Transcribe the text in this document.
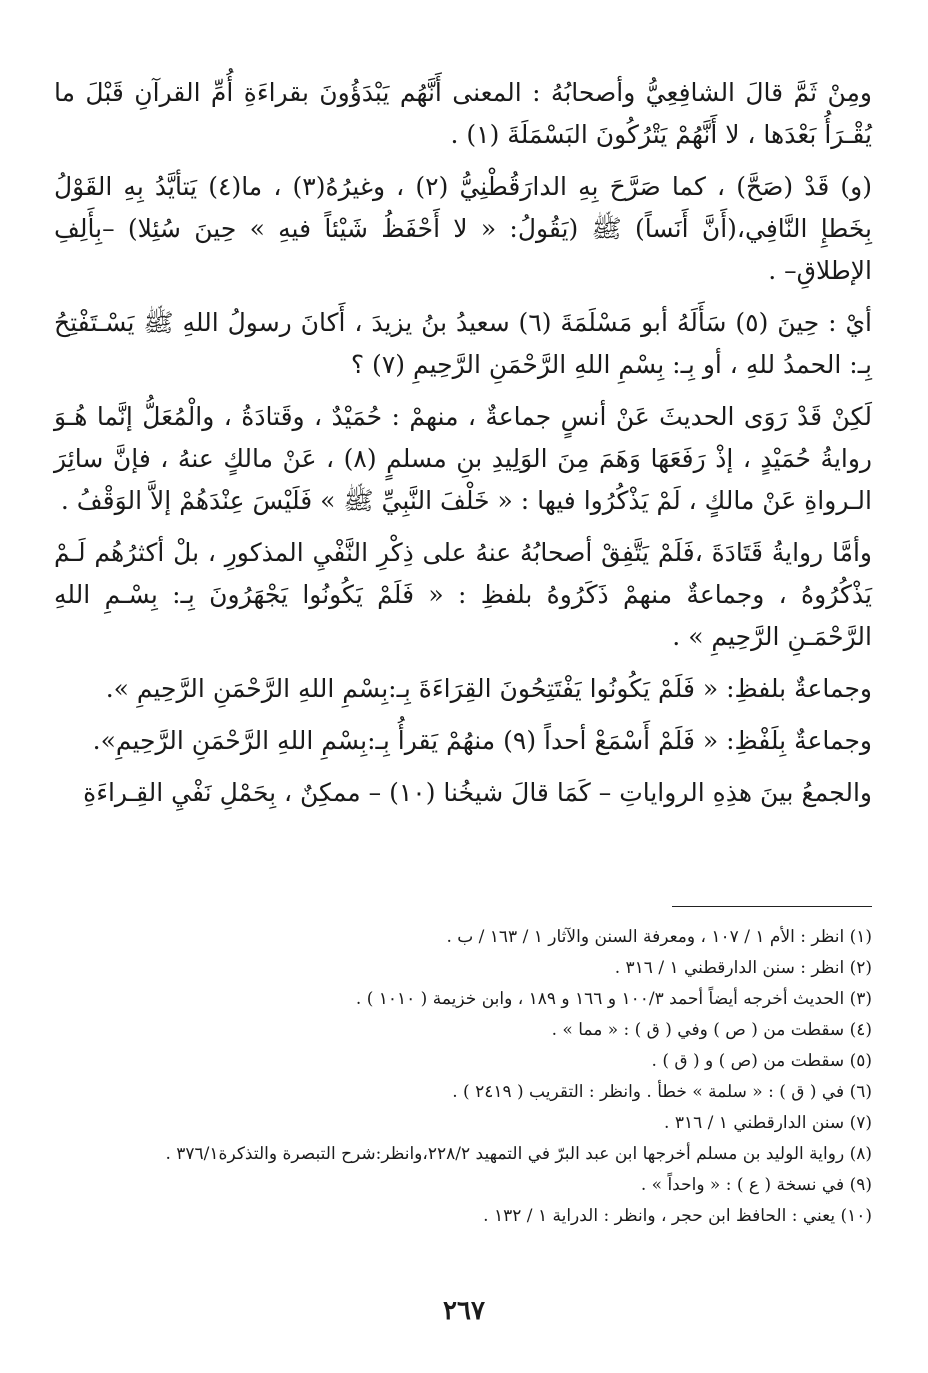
ومِنْ ثَمَّ قالَ الشافِعِيُّ وأصحابُهُ : المعنى أَنَّهُم يَبْدَؤُونَ بقراءَةِ أُمِّ القرآنِ قَبْلَ ما يُقْـرَأُ بَعْدَها ، لا أَنَّهُمْ يَتْرُكُونَ البَسْمَلَةَ (١) .

(و) قَدْ (صَحَّ) ، كما صَرَّحَ بِهِ الدارَقُطْنِيُّ (٢) ، وغيرُهُ(٣) ، ما(٤) يَتأيَّدُ بِهِ القَوْلُ بِخَطإِ النَّافِي،(أَنَّ أَنَساً) ﷺ (يَقُولُ: « لا أَحْفَظُ شَيْئاً فيهِ » حِينَ سُئِلا) –بِأَلِفِ الإطلاقِ– .

أيْ : حِينَ (٥) سَأَلَهُ أبو مَسْلَمَةَ (٦) سعيدُ بنُ يزيدَ ، أَكانَ رسولُ اللهِ ﷺ يَسْـتَفْتِحُ بِـ: الحمدُ للهِ ، أو بِـ: بِسْمِ اللهِ الرَّحْمَنِ الرَّحِيمِ (٧) ؟

لَكِنْ قَدْ رَوَى الحديثَ عَنْ أنسٍ جماعةٌ ، منهمْ : حُمَيْدٌ ، وقَتادَةُ ، والْمُعَلُّ إنَّما هُـوَ روايةُ حُمَيْدٍ ، إذْ رَفَعَهَا وَهَمَ مِنَ الوَلِيدِ بنِ مسلمٍ (٨) ، عَنْ مالكٍ عنهُ ، فإنَّ سائِرَ الـرواةِ عَنْ مالكٍ ، لَمْ يَذْكُرُوا فيها : « خَلْفَ النَّبِيِّ ﷺ » فَلَيْسَ عِنْدَهُمْ إلاَّ الوَقْفُ .

وأمَّا روايةُ قَتَادَةَ ،فَلَمْ يَتَّفِقْ أصحابُهُ عنهُ على ذِكْرِ النَّفْيِ المذكورِ ، بلْ أكثرُهُم لَـمْ يَذْكُرُوهُ ، وجماعةٌ منهمْ ذَكَرُوهُ بلفظِ : « فَلَمْ يَكُونُوا يَجْهَرُونَ بِـ: بِسْـمِ اللهِ الرَّحْمَـنِ الرَّحِيمِ » .

وجماعةٌ بلفظِ: « فَلَمْ يَكُونُوا يَفْتَتِحُونَ القِرَاءَةَ بِـ:بِسْمِ اللهِ الرَّحْمَنِ الرَّحِيمِ ».

وجماعةٌ بِلَفْظِ: « فَلَمْ أَسْمَعْ أحداً (٩) منهُمْ يَقرأُ بِـ:بِسْمِ اللهِ الرَّحْمَنِ الرَّحِيمِ».

والجمعُ بينَ هذِهِ الرواياتِ – كَمَا قالَ شيخُنا (١٠) – ممكِنٌ ، بِحَمْلِ نَفْيِ القِـراءَةِ

(١) انظر : الأم ١ / ١٠٧ ، ومعرفة السنن والآثار ١ / ١٦٣ / ب .

(٢) انظر : سنن الدارقطني ١ / ٣١٦ .

(٣) الحديث أخرجه أيضاً أحمد ١٠٠/٣ و ١٦٦ و ١٨٩ ، وابن خزيمة ( ١٠١٠ ) .

(٤) سقطت من ( ص ) وفي ( ق ) : « مما » .

(٥) سقطت من (ص ) و ( ق ) .

(٦) في ( ق ) : « سلمة » خطأ . وانظر : التقريب ( ٢٤١٩ ) .

(٧) سنن الدارقطني ١ / ٣١٦ .

(٨) رواية الوليد بن مسلم أخرجها ابن عبد البرّ في التمهيد ٢٢٨/٢،وانظر:شرح التبصرة والتذكرة٣٧٦/١ .

(٩) في نسخة ( ع ) : « واحداً » .

(١٠) يعني : الحافظ ابن حجر ، وانظر : الدراية ١ / ١٣٢ .

٢٦٧
